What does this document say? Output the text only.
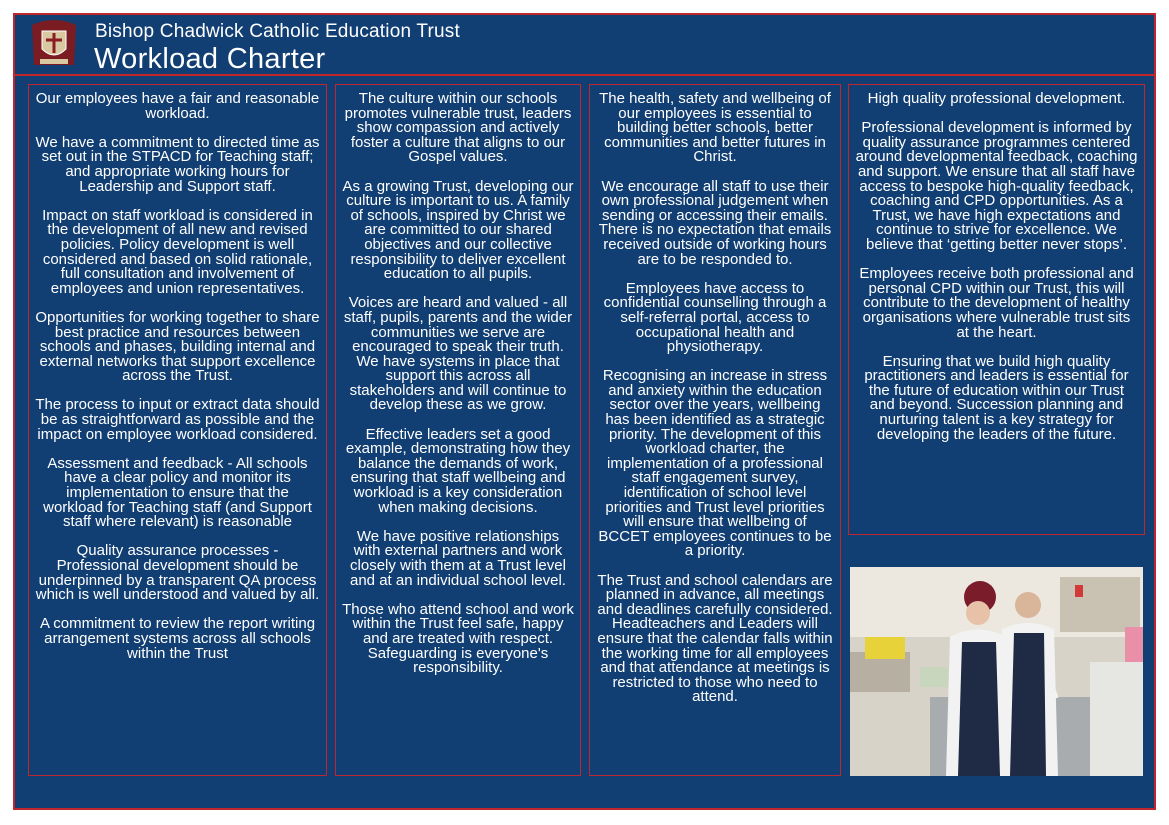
Bishop Chadwick Catholic Education Trust
Workload Charter

Our employees have a fair and reasonable workload.

We have a commitment to directed time as set out in the STPACD for Teaching staff; and appropriate working hours for Leadership and Support staff.

Impact on staff workload is considered in the development of all new and revised policies. Policy development is well considered and based on solid rationale, full consultation and involvement of employees and union representatives.

Opportunities for working together to share best practice and resources between schools and phases, building internal and external networks that support excellence across the Trust.

The process to input or extract data should be as straightforward as possible and the impact on employee workload considered.

Assessment and feedback - All schools have a clear policy and monitor its implementation to ensure that the workload for Teaching staff (and Support staff where relevant) is reasonable

Quality assurance processes - Professional development should be underpinned by a transparent QA process which is well understood and valued by all.

A commitment to review the report writing arrangement systems across all schools within the Trust

The culture within our schools promotes vulnerable trust, leaders show compassion and actively foster a culture that aligns to our Gospel values.

As a growing Trust, developing our culture is important to us. A family of schools, inspired by Christ we are committed to our shared objectives and our collective responsibility to deliver excellent education to all pupils.

Voices are heard and valued - all staff, pupils, parents and the wider communities we serve are encouraged to speak their truth. We have systems in place that support this across all stakeholders and will continue to develop these as we grow.

Effective leaders set a good example, demonstrating how they balance the demands of work, ensuring that staff wellbeing and workload is a key consideration when making decisions.

We have positive relationships with external partners and work closely with them at a Trust level and at an individual school level.

Those who attend school and work within the Trust feel safe, happy and are treated with respect. Safeguarding is everyone's responsibility.

The health, safety and wellbeing of our employees is essential to building better schools, better communities and better futures in Christ.

We encourage all staff to use their own professional judgement when sending or accessing their emails. There is no expectation that emails received outside of working hours are to be responded to.

Employees have access to confidential counselling through a self-referral portal, access to occupational health and physiotherapy.

Recognising an increase in stress and anxiety within the education sector over the years, wellbeing has been identified as a strategic priority. The development of this workload charter, the implementation of a professional staff engagement survey, identification of school level priorities and Trust level priorities will ensure that wellbeing of BCCET employees continues to be a priority.

The Trust and school calendars are planned in advance, all meetings and deadlines carefully considered. Headteachers and Leaders will ensure that the calendar falls within the working time for all employees and that attendance at meetings is restricted to those who need to attend.

High quality professional development.

Professional development is informed by quality assurance programmes centered around developmental feedback, coaching and support. We ensure that all staff have access to bespoke high-quality feedback, coaching and CPD opportunities. As a Trust, we have high expectations and continue to strive for excellence. We believe that ‘getting better never stops’.

Employees receive both professional and personal CPD within our Trust, this will contribute to the development of healthy organisations where vulnerable trust sits at the heart.

Ensuring that we build high quality practitioners and leaders is essential for the future of education within our Trust and beyond. Succession planning and nurturing talent is a key strategy for developing the leaders of the future.
